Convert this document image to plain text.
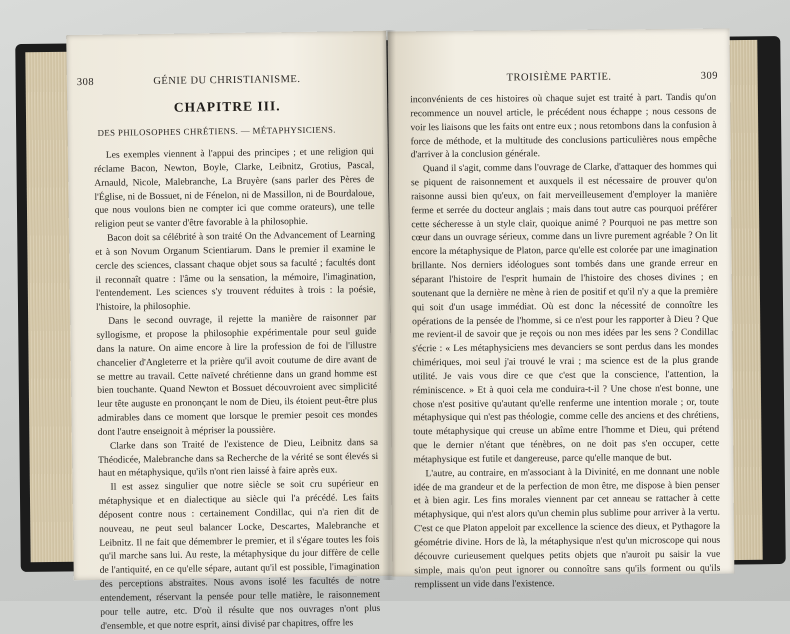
308	GÉNIE DU CHRISTIANISME.
CHAPITRE III.
DES PHILOSOPHES CHRÉTIENS. — MÉTAPHYSICIENS.

Les exemples viennent à l'appui des principes ; et une religion qui réclame Bacon, Newton, Boyle, Clarke, Leibnitz, Grotius, Pascal, Arnauld, Nicole, Malebranche, La Bruyère (sans parler des Pères de l'Église, ni de Bossuet, ni de Fénelon, ni de Massillon, ni de Bourdaloue, que nous voulons bien ne compter ici que comme orateurs), une telle religion peut se vanter d'être favorable à la philosophie.

Bacon doit sa célébrité à son traité On the Advancement of Learning et à son Novum Organum Scientiarum. Dans le premier il examine le cercle des sciences, classant chaque objet sous sa faculté ; facultés dont il reconnaît quatre : l'âme ou la sensation, la mémoire, l'imagination, l'entendement. Les sciences s'y trouvent réduites à trois : la poésie, l'histoire, la philosophie.

Dans le second ouvrage, il rejette la manière de raisonner par syllogisme, et propose la philosophie expérimentale pour seul guide dans la nature. On aime encore à lire la profession de foi de l'illustre chancelier d'Angleterre et la prière qu'il avoit coutume de dire avant de se mettre au travail. Cette naïveté chrétienne dans un grand homme est bien touchante. Quand Newton et Bossuet découvroient avec simplicité leur tête auguste en prononçant le nom de Dieu, ils étoient peut-être plus admirables dans ce moment que lorsque le premier pesoit ces mondes dont l'autre enseignoit à mépriser la poussière.

Clarke dans son Traité de l'existence de Dieu, Leibnitz dans sa Théodicée, Malebranche dans sa Recherche de la vérité se sont élevés si haut en métaphysique, qu'ils n'ont rien laissé à faire après eux.

Il est assez singulier que notre siècle se soit cru supérieur en métaphysique et en dialectique au siècle qui l'a précédé. Les faits déposent contre nous : certainement Condillac, qui n'a rien dit de nouveau, ne peut seul balancer Locke, Descartes, Malebranche et Leibnitz. Il ne fait que démembrer le premier, et il s'égare toutes les fois qu'il marche sans lui. Au reste, la métaphysique du jour diffère de celle de l'antiquité, en ce qu'elle sépare, autant qu'il est possible, l'imagination des perceptions abstraites. Nous avons isolé les facultés de notre entendement, réservant la pensée pour telle matière, le raisonnement pour telle autre, etc. D'où il résulte que nos ouvrages n'ont plus d'ensemble, et que notre esprit, ainsi divisé par chapitres, offre les

TROISIÈME PARTIE.	309

inconvénients de ces histoires où chaque sujet est traité à part. Tandis qu'on recommence un nouvel article, le précédent nous échappe ; nous cessons de voir les liaisons que les faits ont entre eux ; nous retombons dans la confusion à force de méthode, et la multitude des conclusions particulières nous empêche d'arriver à la conclusion générale.

Quand il s'agit, comme dans l'ouvrage de Clarke, d'attaquer des hommes qui se piquent de raisonnement et auxquels il est nécessaire de prouver qu'on raisonne aussi bien qu'eux, on fait merveilleusement d'employer la manière ferme et serrée du docteur anglais ; mais dans tout autre cas pourquoi préférer cette sécheresse à un style clair, quoique animé ? Pourquoi ne pas mettre son cœur dans un ouvrage sérieux, comme dans un livre purement agréable ? On lit encore la métaphysique de Platon, parce qu'elle est colorée par une imagination brillante. Nos derniers idéologues sont tombés dans une grande erreur en séparant l'histoire de l'esprit humain de l'histoire des choses divines ; en soutenant que la dernière ne mène à rien de positif et qu'il n'y a que la première qui soit d'un usage immédiat. Où est donc la nécessité de connoître les opérations de la pensée de l'homme, si ce n'est pour les rapporter à Dieu ? Que me revient-il de savoir que je reçois ou non mes idées par les sens ? Condillac s'écrie : « Les métaphysiciens mes devanciers se sont perdus dans les mondes chimériques, moi seul j'ai trouvé le vrai ; ma science est de la plus grande utilité. Je vais vous dire ce que c'est que la conscience, l'attention, la réminiscence. » Et à quoi cela me conduira-t-il ? Une chose n'est bonne, une chose n'est positive qu'autant qu'elle renferme une intention morale ; or, toute métaphysique qui n'est pas théologie, comme celle des anciens et des chrétiens, toute métaphysique qui creuse un abîme entre l'homme et Dieu, qui prétend que le dernier n'étant que ténèbres, on ne doit pas s'en occuper, cette métaphysique est futile et dangereuse, parce qu'elle manque de but.

L'autre, au contraire, en m'associant à la Divinité, en me donnant une noble idée de ma grandeur et de la perfection de mon être, me dispose à bien penser et à bien agir. Les fins morales viennent par cet anneau se rattacher à cette métaphysique, qui n'est alors qu'un chemin plus sublime pour arriver à la vertu. C'est ce que Platon appeloit par excellence la science des dieux, et Pythagore la géométrie divine. Hors de là, la métaphysique n'est qu'un microscope qui nous découvre curieusement quelques petits objets que n'auroit pu saisir la vue simple, mais qu'on peut ignorer ou connoître sans qu'ils forment ou qu'ils remplissent un vide dans l'existence.
